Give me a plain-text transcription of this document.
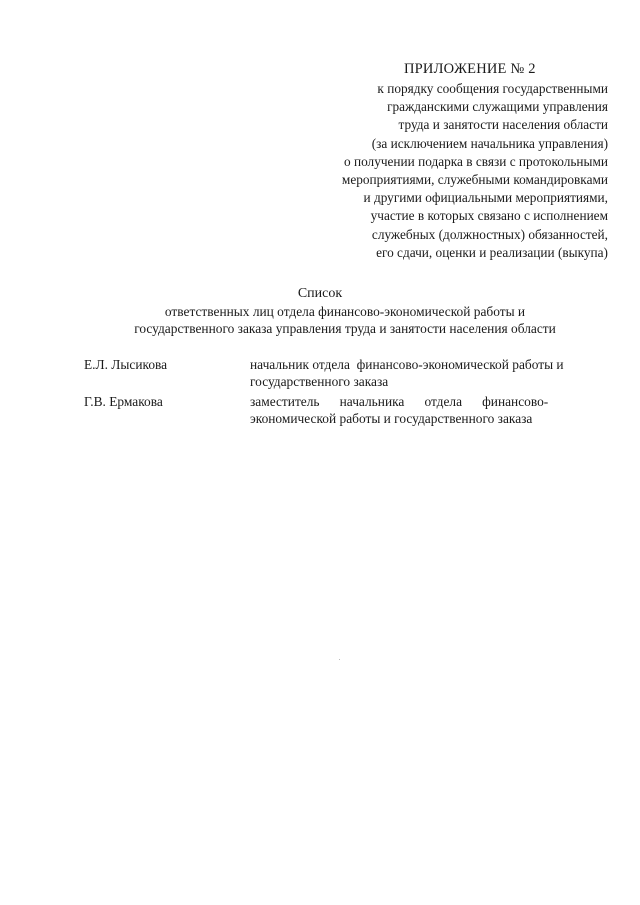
ПРИЛОЖЕНИЕ № 2
к порядку сообщения государственными
гражданскими служащими управления
труда и занятости населения области
(за исключением начальника управления)
о получении подарка в связи с протокольными
мероприятиями, служебными командировками
и другими официальными мероприятиями,
участие в которых связано с исполнением
служебных (должностных) обязанностей,
его сдачи, оценки и реализации (выкупа)
Список
ответственных лиц отдела финансово-экономической работы и
государственного заказа управления труда и занятости населения области
Е.Л. Лысикова	начальник отдела  финансово-экономической работы и
государственного заказа
Г.В. Ермакова	заместитель      начальника      отдела      финансово-
экономической работы и государственного заказа
